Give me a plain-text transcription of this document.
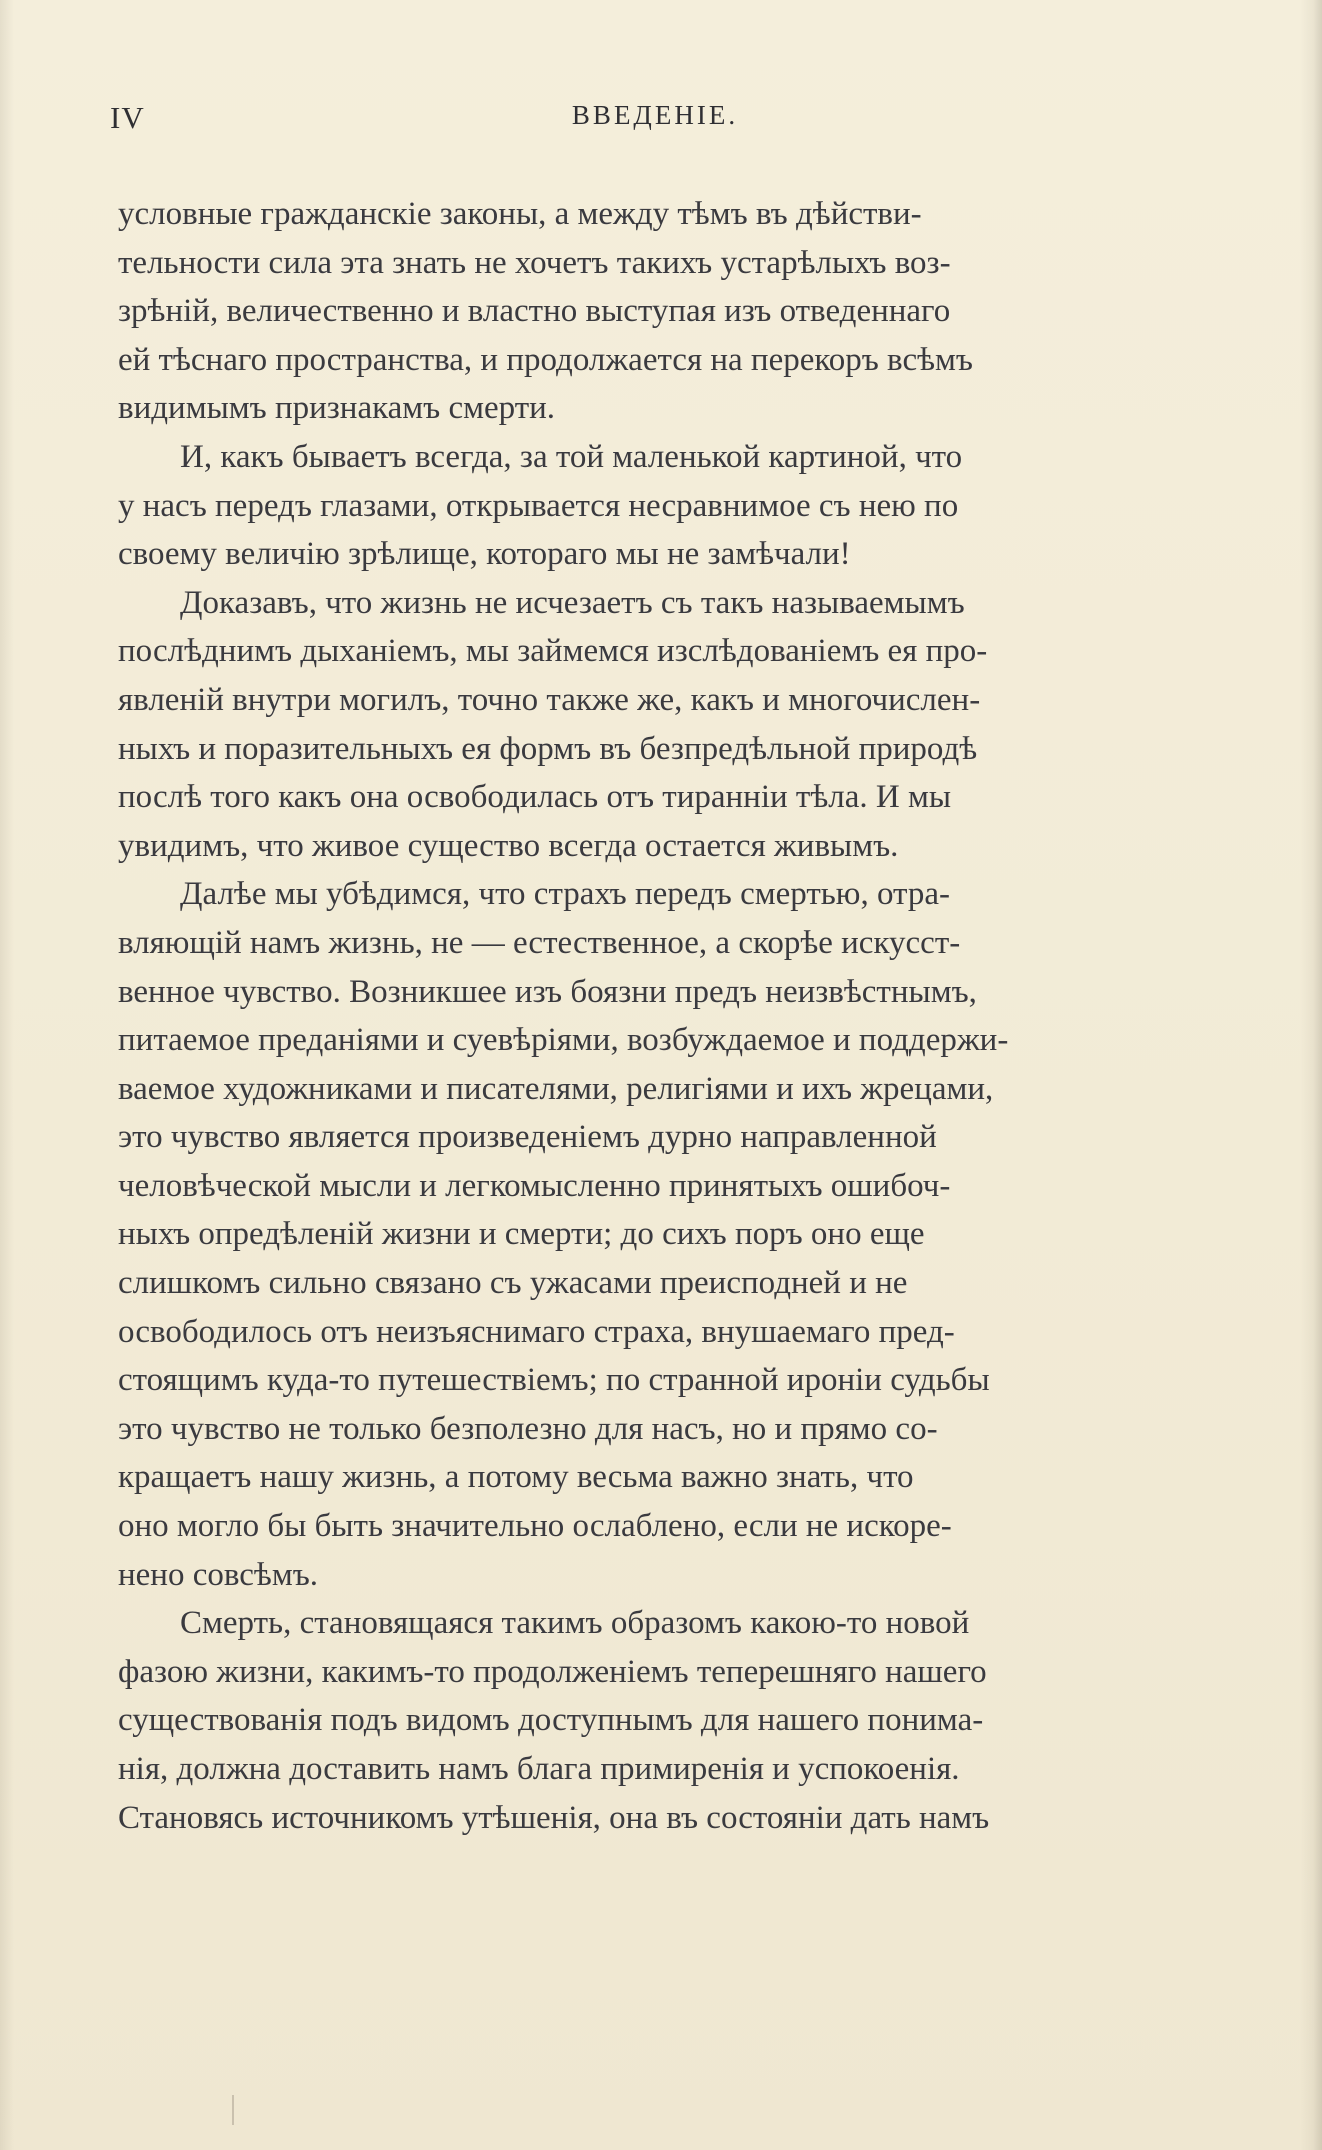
IV	ВВЕДЕНІЕ.
условные гражданскіе законы, а между тѣмъ въ дѣйстви-
тельности сила эта знать не хочетъ такихъ устарѣлыхъ воз-
зрѣній, величественно и властно выступая изъ отведеннаго
ей тѣснаго пространства, и продолжается на перекоръ всѣмъ
видимымъ признакамъ смерти.
И, какъ бываетъ всегда, за той маленькой картиной, что
у насъ передъ глазами, открывается несравнимое съ нею по
своему величію зрѣлище, котораго мы не замѣчали!
Доказавъ, что жизнь не исчезаетъ съ такъ называемымъ
послѣднимъ дыханіемъ, мы займемся изслѣдованіемъ ея про-
явленій внутри могилъ, точно также же, какъ и многочислен-
ныхъ и поразительныхъ ея формъ въ безпредѣльной природѣ
послѣ того какъ она освободилась отъ тиранніи тѣла. И мы
увидимъ, что живое существо всегда остается живымъ.
Далѣе мы убѣдимся, что страхъ передъ смертью, отра-
вляющій намъ жизнь, не — естественное, а скорѣе искусст-
венное чувство. Возникшее изъ боязни предъ неизвѣстнымъ,
питаемое преданіями и суевѣріями, возбуждаемое и поддержи-
ваемое художниками и писателями, религіями и ихъ жрецами,
это чувство является произведеніемъ дурно направленной
человѣческой мысли и легкомысленно принятыхъ ошибоч-
ныхъ опредѣленій жизни и смерти; до сихъ поръ оно еще
слишкомъ сильно связано съ ужасами преисподней и не
освободилось отъ неизъяснимаго страха, внушаемаго пред-
стоящимъ куда-то путешествіемъ; по странной ироніи судьбы
это чувство не только безполезно для насъ, но и прямо со-
кращаетъ нашу жизнь, а потому весьма важно знать, что
оно могло бы быть значительно ослаблено, если не искоре-
нено совсѣмъ.
Смерть, становящаяся такимъ образомъ какою-то новой
фазою жизни, какимъ-то продолженіемъ теперешняго нашего
существованія подъ видомъ доступнымъ для нашего понима-
нія, должна доставить намъ блага примиренія и успокоенія.
Становясь источникомъ утѣшенія, она въ состояніи дать намъ
